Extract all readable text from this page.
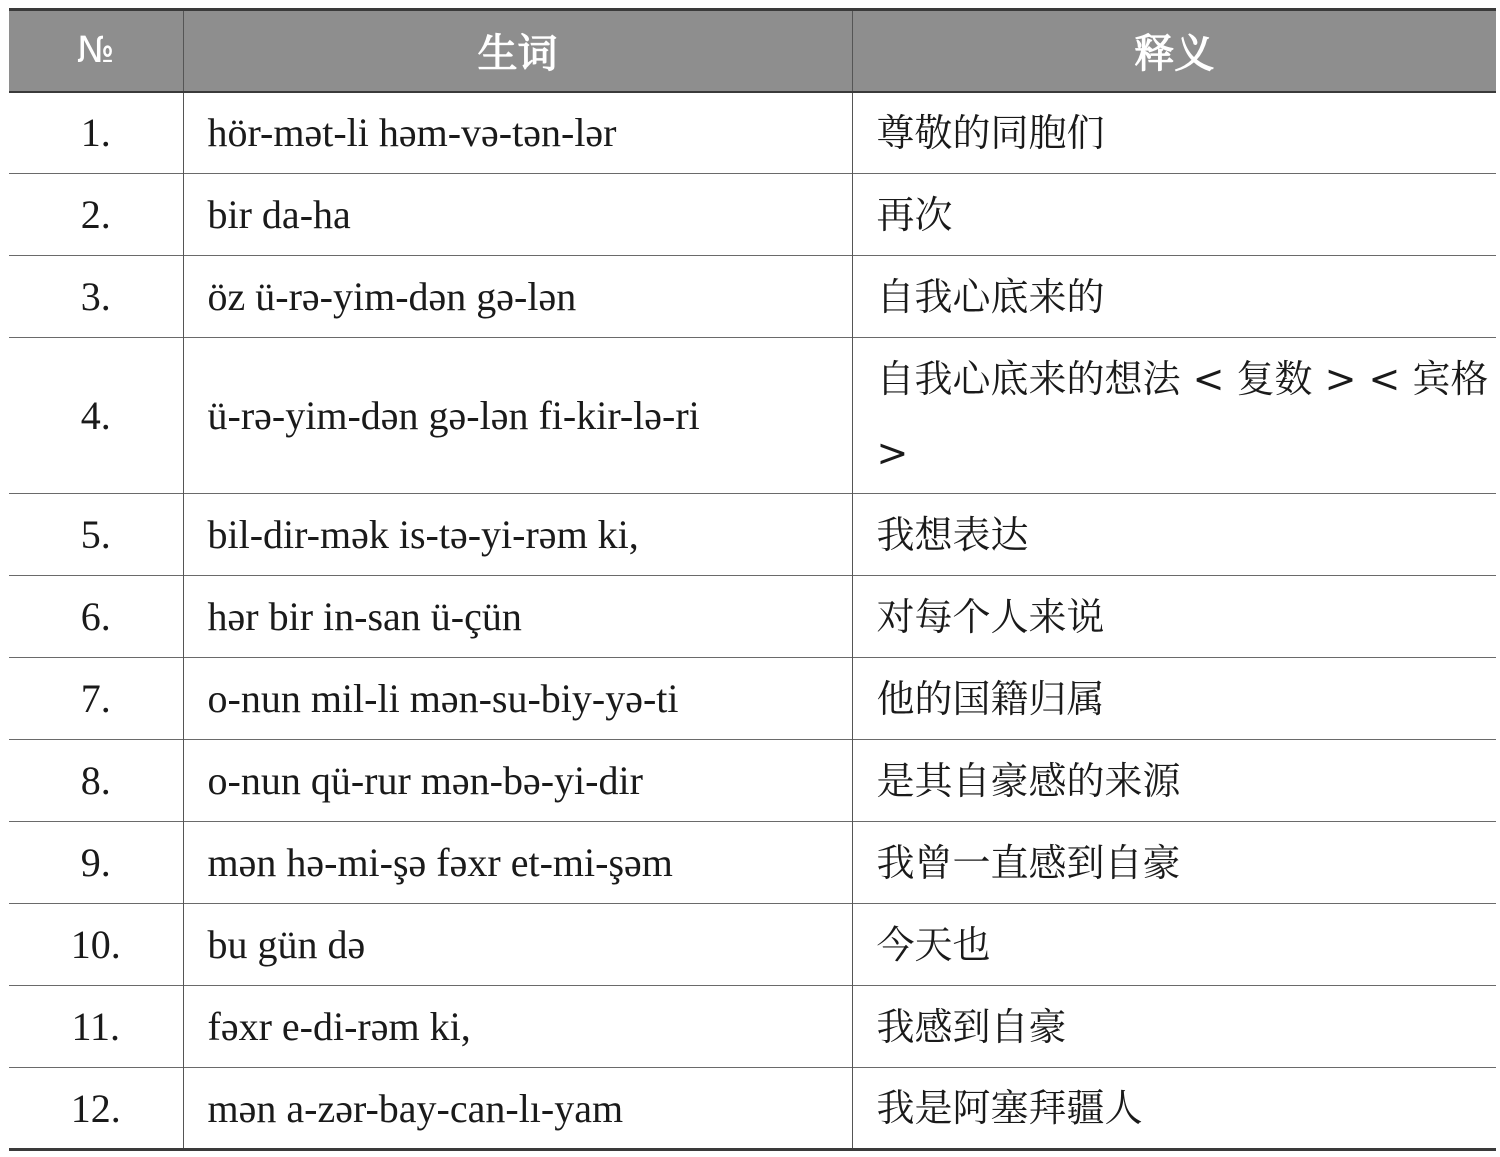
№	生词	释义
1.	hör-mət-li həm-və-tən-lər	尊敬的同胞们
2.	bir da-ha	再次
3.	öz ü-rə-yim-dən gə-lən	自我心底来的
4.	ü-rə-yim-dən gə-lən fi-kir-lə-ri	自我心底来的想法 < 复数 > < 宾格 >
5.	bil-dir-mək is-tə-yi-rəm ki,	我想表达
6.	hər bir in-san ü-çün	对每个人来说
7.	o-nun mil-li mən-su-biy-yə-ti	他的国籍归属
8.	o-nun qü-rur mən-bə-yi-dir	是其自豪感的来源
9.	mən hə-mi-şə fəxr et-mi-şəm	我曾一直感到自豪
10.	bu gün də	今天也
11.	fəxr e-di-rəm ki,	我感到自豪
12.	mən a-zər-bay-can-lı-yam	我是阿塞拜疆人
